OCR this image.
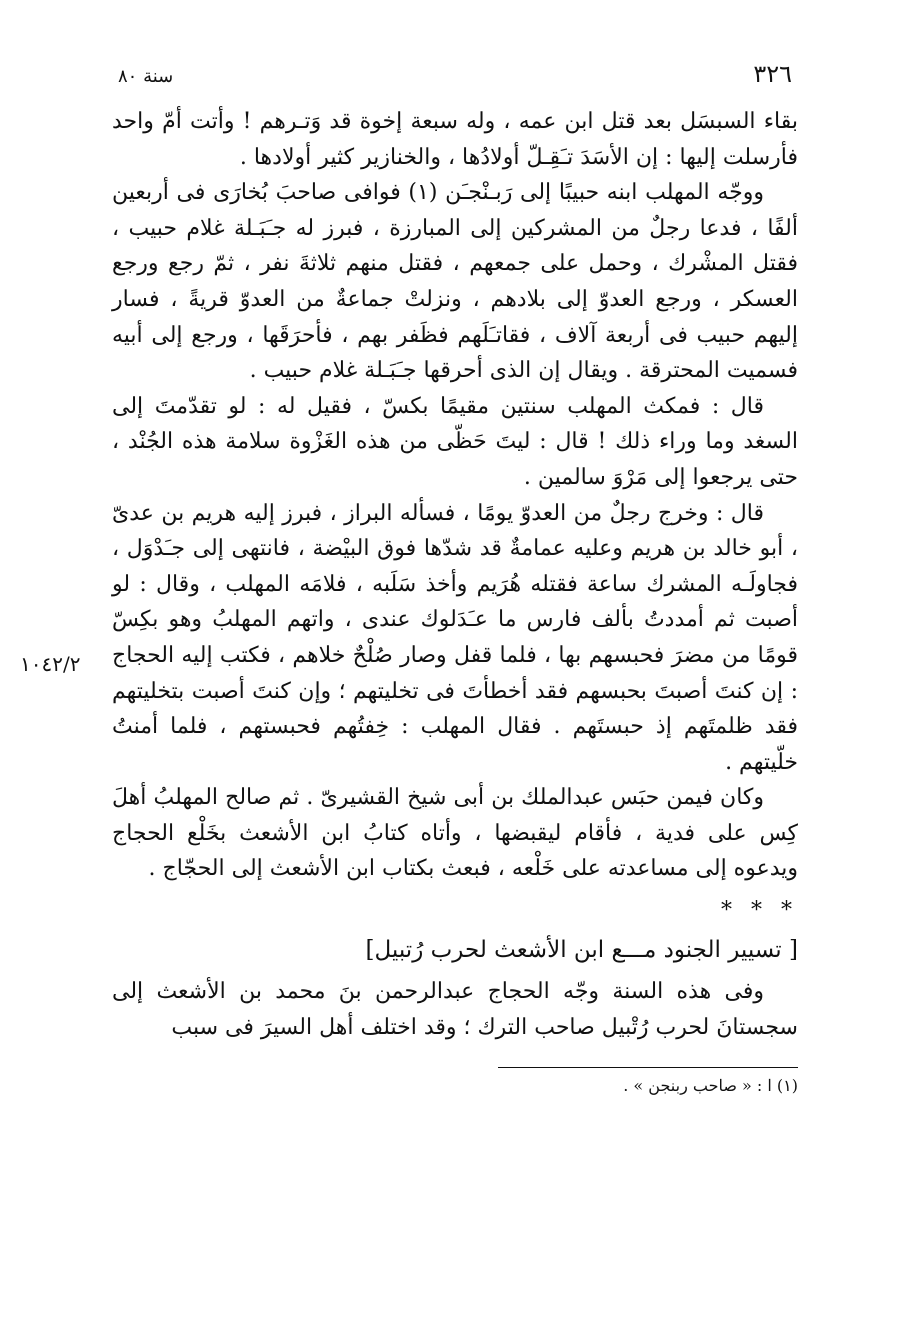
٣٢٦
سنة ٨٠
١٠٤٢/٢

بقاء السبسَل بعد قتل ابن عمه ، وله سبعة إخوة قد وَتـرهم ! وأتت أمّ واحد فأرسلت إليها : إن الأسَدَ تـَقِـلّ أولادُها ، والخنازير كثير أولادها .

ووجّه المهلب ابنه حبيبًا إلى رَبـنْجـَن (١) فوافى صاحبَ بُخارَى فى أربعين ألفًا ، فدعا رجلٌ من المشركين إلى المبارزة ، فبرز له جـَبَـلة غلام حبيب ، فقتل المشْرك ، وحمل على جمعهم ، فقتل منهم ثلاثةَ نفر ، ثمّ رجع ورجع العسكر ، ورجع العدوّ إلى بلادهم ، ونزلتْ جماعةٌ من العدوّ قريةً ، فسار إليهم حبيب فى أربعة آلاف ، فقاتـَلَهم فظَفر بهم ، فأحرَقَها ، ورجع إلى أبيه فسميت المحترقة . ويقال إن الذى أحرقها جـَبَـلة غلام حبيب .

قال : فمكث المهلب سنتين مقيمًا بكسّ ، فقيل له : لو تقدّمتَ إلى السغد وما وراء ذلك ! قال : ليتَ حَظّى من هذه الغَزْوة سلامة هذه الجُنْد ، حتى يرجعوا إلى مَرْوَ سالمين .

قال : وخرج رجلٌ من العدوّ يومًا ، فسأله البراز ، فبرز إليه هريم بن عدىّ ، أبو خالد بن هريم وعليه عمامةٌ قد شدّها فوق البيْضة ، فانتهى إلى جـَدْوَل ، فجاولَـه المشرك ساعة فقتله هُرَيم وأخذ سَلَبه ، فلامَه المهلب ، وقال : لو أصبت ثم أمددتُ بألف فارس ما عـَدَلوك عندى ، واتهم المهلبُ وهو بكِسّ قومًا من مضرَ فحبسهم بها ، فلما قفل وصار صُلْحٌ خلاهم ، فكتب إليه الحجاج : إن كنتَ أصبتَ بحبسهم فقد أخطأتَ فى تخليتهم ؛ وإن كنتَ أصبت بتخليتهم فقد ظلمتَهم إذ حبستَهم . فقال المهلب : خِفتُهم فحبستهم ، فلما أمنتُ خلّيتهم .

وكان فيمن حبَس عبدالملك بن أبى شيخ القشيرىّ . ثم صالح المهلبُ أهلَ كِس على فدية ، فأقام ليقبضها ، وأتاه كتابُ ابن الأشعث بخَلْع الحجاج ويدعوه إلى مساعدته على خَلْعه ، فبعث بكتاب ابن الأشعث إلى الحجّاج .

* * *
[ تسيير الجنود مـــع ابن الأشعث لحرب رُتبيل]

وفى هذه السنة وجّه الحجاج عبدالرحمن بنَ محمد بن الأشعث إلى سجستانَ لحرب رُتْبيل صاحب الترك ؛ وقد اختلف أهل السيرَ فى سبب

(١) ا : « صاحب ربنجن » .
